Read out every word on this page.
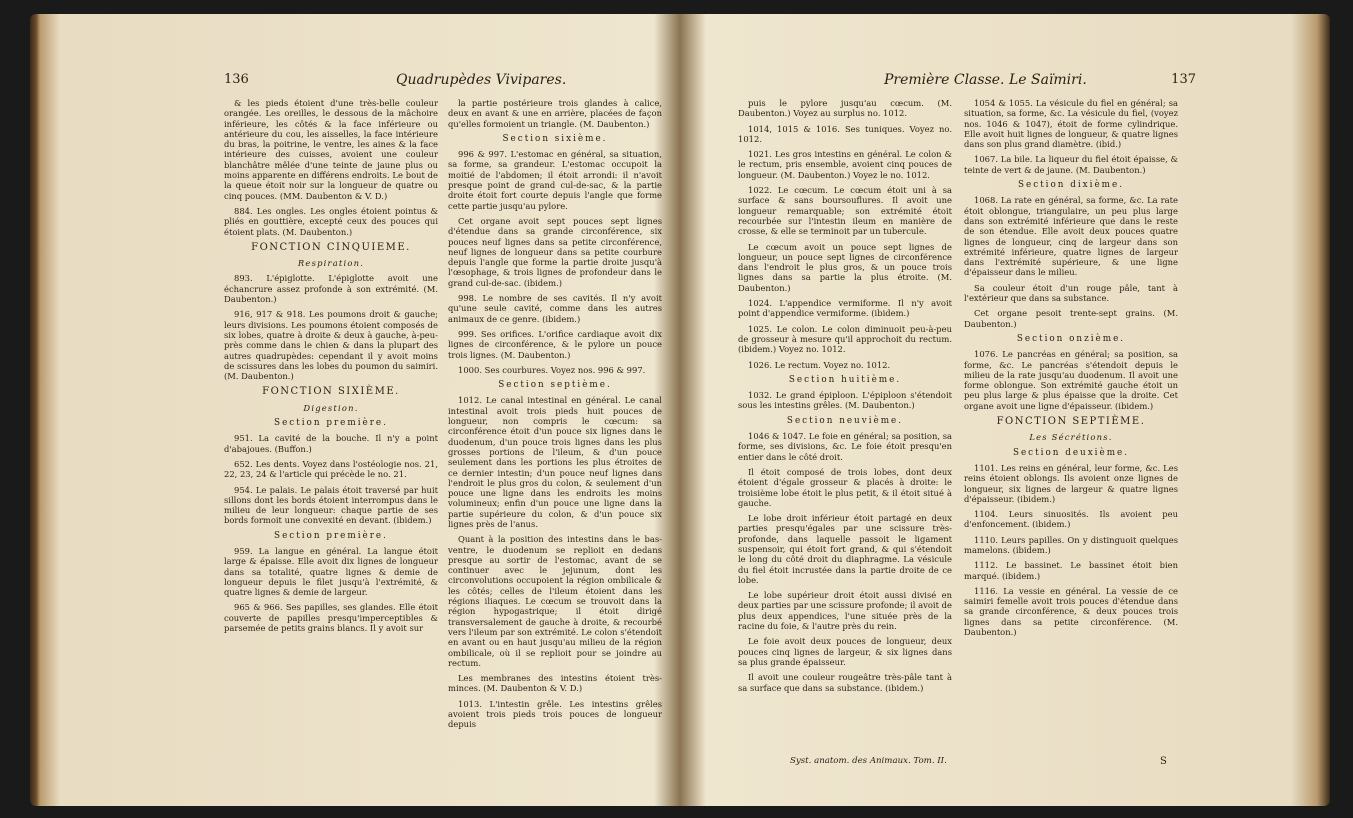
136	Quadrupèdes Vivipares.

& les pieds étoient d'une très-belle couleur orangée. Les oreilles, le dessous de la mâchoire inférieure, les côtés & la face inférieure ou antérieure du cou, les aisselles, la face intérieure du bras, la poitrine, le ventre, les aines & la face intérieure des cuisses, avoient une couleur blanchâtre mêlée d'une teinte de jaune plus ou moins apparente en différens endroits. Le bout de la queue étoit noir sur la longueur de quatre ou cinq pouces. (MM. Daubenton & V. D.)

884. Les ongles. Les ongles étoient pointus & pliés en gouttière, excepté ceux des pouces qui étoient plats. (M. Daubenton.)

FONCTION CINQUIEME.
Respiration.

893. L'épiglotte. L'épiglotte avoit une échancrure assez profonde à son extrémité. (M. Daubenton.)

916, 917 & 918. Les poumons droit & gauche; leurs divisions. Les poumons étoient composés de six lobes, quatre à droite & deux à gauche, à-peu-près comme dans le chien & dans la plupart des autres quadrupèdes: cependant il y avoit moins de scissures dans les lobes du poumon du saimiri. (M. Daubenton.)

FONCTION SIXIÈME.
Digestion.
Section première.

951. La cavité de la bouche. Il n'y a point d'abajoues. (Buffon.)

652. Les dents. Voyez dans l'ostéologie nos. 21, 22, 23, 24 & l'article qui précède le no. 21.

954. Le palais. Le palais étoit traversé par huit sillons dont les bords étoient interrompus dans le milieu de leur longueur: chaque partie de ses bords formoit une convexité en devant. (ibidem.)

Section première.

959. La langue en général. La langue étoit large & épaisse. Elle avoit dix lignes de longueur dans sa totalité, quatre lignes & demie de longueur depuis le filet jusqu'à l'extrémité, & quatre lignes & demie de largeur.

965 & 966. Ses papilles, ses glandes. Elle étoit couverte de papilles presqu'imperceptibles & parsemée de petits grains blancs. Il y avoit sur

la partie postérieure trois glandes à calice, deux en avant & une en arrière, placées de façon qu'elles formoient un triangle. (M. Daubenton.)

Section sixième.

996 & 997. L'estomac en général, sa situation, sa forme, sa grandeur. L'estomac occupoit la moitié de l'abdomen; il étoit arrondi: il n'avoit presque point de grand cul-de-sac, & la partie droite étoit fort courte depuis l'angle que forme cette partie jusqu'au pylore.

Cet organe avoit sept pouces sept lignes d'étendue dans sa grande circonférence, six pouces neuf lignes dans sa petite circonférence, neuf lignes de longueur dans sa petite courbure depuis l'angle que forme la partie droite jusqu'à l'œsophage, & trois lignes de profondeur dans le grand cul-de-sac. (ibidem.)

998. Le nombre de ses cavités. Il n'y avoit qu'une seule cavité, comme dans les autres animaux de ce genre. (ibidem.)

999. Ses orifices. L'orifice cardiaque avoit dix lignes de circonférence, & le pylore un pouce trois lignes. (M. Daubenton.)

1000. Ses courbures. Voyez nos. 996 & 997.

Section septième.

1012. Le canal intestinal en général. Le canal intestinal avoit trois pieds huit pouces de longueur, non compris le cœcum: sa circonférence étoit d'un pouce six lignes dans le duodenum, d'un pouce trois lignes dans les plus grosses portions de l'ileum, & d'un pouce seulement dans les portions les plus étroites de ce dernier intestin; d'un pouce neuf lignes dans l'endroit le plus gros du colon, & seulement d'un pouce une ligne dans les endroits les moins volumineux; enfin d'un pouce une ligne dans la partie supérieure du colon, & d'un pouce six lignes près de l'anus.

Quant à la position des intestins dans le bas-ventre, le duodenum se replioit en dedans presque au sortir de l'estomac, avant de se continuer avec le jejunum, dont les circonvolutions occupoient la région ombilicale & les côtés; celles de l'ileum étoient dans les régions iliaques. Le cœcum se trouvoit dans la région hypogastrique; il étoit dirigé transversalement de gauche à droite, & recourbé vers l'ileum par son extrémité. Le colon s'étendoit en avant ou en haut jusqu'au milieu de la région ombilicale, où il se replioit pour se joindre au rectum.

Les membranes des intestins étoient très-minces. (M. Daubenton & V. D.)

1013. L'intestin grêle. Les intestins grêles avoient trois pieds trois pouces de longueur depuis

Première Classe. Le Saïmiri.	137

puis le pylore jusqu'au cœcum. (M. Daubenton.) Voyez au surplus no. 1012.

1014, 1015 & 1016. Ses tuniques. Voyez no. 1012.

1021. Les gros intestins en général. Le colon & le rectum, pris ensemble, avoient cinq pouces de longueur. (M. Daubenton.) Voyez le no. 1012.

1022. Le cœcum. Le cœcum étoit uni à sa surface & sans boursouflures. Il avoit une longueur remarquable; son extrémité étoit recourbée sur l'intestin ileum en manière de crosse, & elle se terminoit par un tubercule.

Le cœcum avoit un pouce sept lignes de longueur, un pouce sept lignes de circonférence dans l'endroit le plus gros, & un pouce trois lignes dans sa partie la plus étroite. (M. Daubenton.)

1024. L'appendice vermiforme. Il n'y avoit point d'appendice vermiforme. (ibidem.)

1025. Le colon. Le colon diminuoit peu-à-peu de grosseur à mesure qu'il approchoit du rectum. (ibidem.) Voyez no. 1012.

1026. Le rectum. Voyez no. 1012.

Section huitième.

1032. Le grand épiploon. L'épiploon s'étendoit sous les intestins grêles. (M. Daubenton.)

Section neuvième.

1046 & 1047. Le foie en général; sa position, sa forme, ses divisions, &c. Le foie étoit presqu'en entier dans le côté droit.

Il étoit composé de trois lobes, dont deux étoient d'égale grosseur & placés à droite: le troisième lobe étoit le plus petit, & il étoit situé à gauche.

Le lobe droit inférieur étoit partagé en deux parties presqu'égales par une scissure très-profonde, dans laquelle passoit le ligament suspensoir, qui étoit fort grand, & qui s'étendoit le long du côté droit du diaphragme. La vésicule du fiel étoit incrustée dans la partie droite de ce lobe.

Le lobe supérieur droit étoit aussi divisé en deux parties par une scissure profonde; il avoit de plus deux appendices, l'une située près de la racine du foie, & l'autre près du rein.

Le foie avoit deux pouces de longueur, deux pouces cinq lignes de largeur, & six lignes dans sa plus grande épaisseur.

Il avoit une couleur rougeâtre très-pâle tant à sa surface que dans sa substance. (ibidem.)

1054 & 1055. La vésicule du fiel en général; sa situation, sa forme, &c. La vésicule du fiel, (voyez nos. 1046 & 1047), étoit de forme cylindrique. Elle avoit huit lignes de longueur, & quatre lignes dans son plus grand diamètre. (ibid.)

1067. La bile. La liqueur du fiel étoit épaisse, & teinte de vert & de jaune. (M. Daubenton.)

Section dixième.

1068. La rate en général, sa forme, &c. La rate étoit oblongue, triangulaire, un peu plus large dans son extrémité inférieure que dans le reste de son étendue. Elle avoit deux pouces quatre lignes de longueur, cinq de largeur dans son extrémité inférieure, quatre lignes de largeur dans l'extrémité supérieure, & une ligne d'épaisseur dans le milieu.

Sa couleur étoit d'un rouge pâle, tant à l'extérieur que dans sa substance.

Cet organe pesoit trente-sept grains. (M. Daubenton.)

Section onzième.

1076. Le pancréas en général; sa position, sa forme, &c. Le pancréas s'étendoit depuis le milieu de la rate jusqu'au duodenum. Il avoit une forme oblongue. Son extrémité gauche étoit un peu plus large & plus épaisse que la droite. Cet organe avoit une ligne d'épaisseur. (ibidem.)

FONCTION SEPTIÈME.
Les Sécrétions.
Section deuxième.

1101. Les reins en général, leur forme, &c. Les reins étoient oblongs. Ils avoient onze lignes de longueur, six lignes de largeur & quatre lignes d'épaisseur. (ibidem.)

1104. Leurs sinuosités. Ils avoient peu d'enfoncement. (ibidem.)

1110. Leurs papilles. On y distinguoit quelques mamelons. (ibidem.)

1112. Le bassinet. Le bassinet étoit bien marqué. (ibidem.)

1116. La vessie en général. La vessie de ce saimiri femelle avoit trois pouces d'étendue dans sa grande circonférence, & deux pouces trois lignes dans sa petite circonférence. (M. Daubenton.)

Syst. anatom. des Animaux. Tom. II.	S
